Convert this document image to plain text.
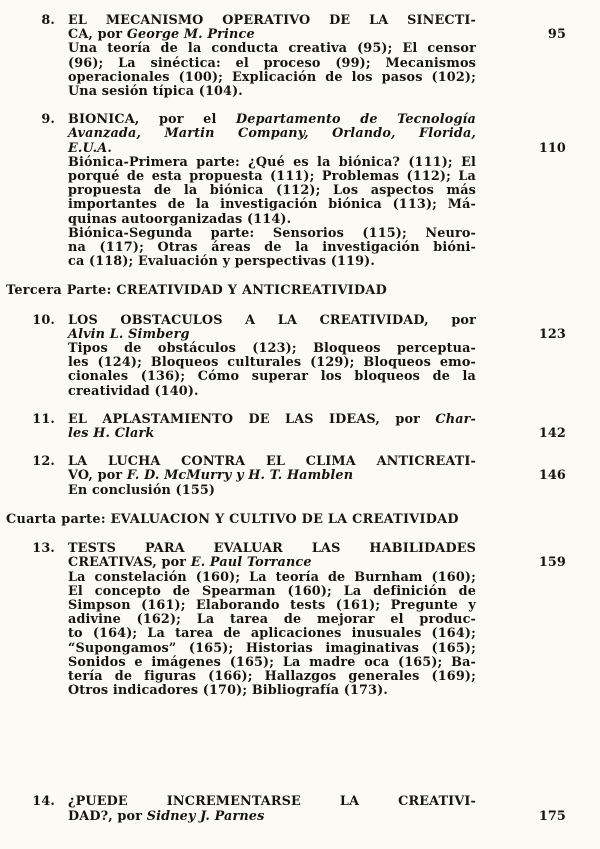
8. EL MECANISMO OPERATIVO DE LA SINECTI-
CA, por George M. Prince	95
Una teoría de la conducta creativa (95); El censor
(96); La sinéctica: el proceso (99); Mecanismos
operacionales (100); Explicación de los pasos (102);
Una sesión típica (104).
9. BIONICA, por el Departamento de Tecnología
Avanzada, Martin Company, Orlando, Florida,
E.U.A.	110
Biónica-Primera parte: ¿Qué es la biónica? (111); El
porqué de esta propuesta (111); Problemas (112); La
propuesta de la biónica (112); Los aspectos más
importantes de la investigación biónica (113); Má-
quinas autoorganizadas (114).
Biónica-Segunda parte: Sensorios (115); Neuro-
na (117); Otras áreas de la investigación bióni-
ca (118); Evaluación y perspectivas (119).
Tercera Parte: CREATIVIDAD Y ANTICREATIVIDAD
10. LOS OBSTACULOS A LA CREATIVIDAD, por
Alvin L. Simberg	123
Tipos de obstáculos (123); Bloqueos perceptua-
les (124); Bloqueos culturales (129); Bloqueos emo-
cionales (136); Cómo superar los bloqueos de la
creatividad (140).
11. EL APLASTAMIENTO DE LAS IDEAS, por Char-
les H. Clark	142
12. LA LUCHA CONTRA EL CLIMA ANTICREATI-
VO, por F. D. McMurry y H. T. Hamblen	146
En conclusión (155)
Cuarta parte: EVALUACION Y CULTIVO DE LA CREATIVIDAD
13. TESTS PARA EVALUAR LAS HABILIDADES
CREATIVAS, por E. Paul Torrance	159
La constelación (160); La teoría de Burnham (160);
El concepto de Spearman (160); La definición de
Simpson (161); Elaborando tests (161); Pregunte y
adivine (162); La tarea de mejorar el produc-
to (164); La tarea de aplicaciones inusuales (164);
“Supongamos” (165); Historias imaginativas (165);
Sonidos e imágenes (165); La madre oca (165); Ba-
tería de figuras (166); Hallazgos generales (169);
Otros indicadores (170); Bibliografía (173).
14. ¿PUEDE INCREMENTARSE LA CREATIVI-
DAD?, por Sidney J. Parnes	175
